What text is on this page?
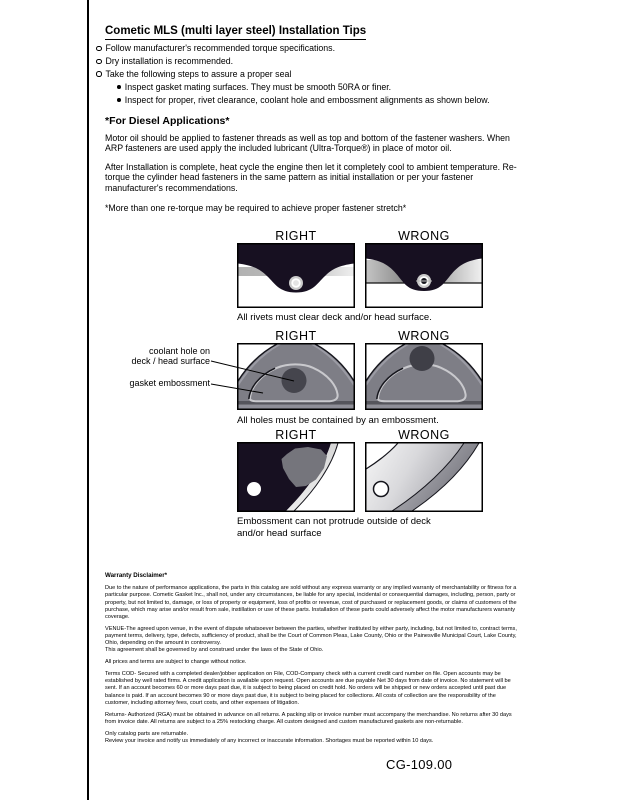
Cometic MLS (multi layer steel) Installation Tips
Follow manufacturer's recommended torque specifications.
Dry installation is recommended.
Take the following steps to assure a proper seal
Inspect gasket mating surfaces. They must be smooth 50RA or finer.
Inspect for proper, rivet clearance, coolant hole and embossment alignments as shown below.
*For Diesel Applications*

Motor oil should be applied to fastener threads as well as top and bottom of the fastener washers. When ARP fasteners are used apply the included lubricant (Ultra-Torque®) in place of motor oil.

After Installation is complete, heat cycle the engine then let it completely cool to ambient temperature. Re-torque the cylinder head fasteners in the same pattern as initial installation or per your fastener manufacturer's recommendations.

*More than one re-torque may be required to achieve proper fastener stretch*

RIGHT	WRONG
All rivets must clear deck and/or head surface.
RIGHT	WRONG
coolant hole on
deck / head surface
gasket embossment
All holes must be contained by an embossment.
RIGHT	WRONG
Embossment can not protrude outside of deck
and/or head surface

Warranty Disclaimer*

Due to the nature of performance applications, the parts in this catalog are sold without any express warranty or any implied warranty of merchantability or fitness for a particular purpose. Cometic Gasket Inc., shall not, under any circumstances, be liable for any special, incidental or consequential damages, including, person, party or property, but not limited to, damage, or loss of property or equipment, loss of profits or revenue, cost of purchased or replacement goods, or claims of customers of the purchase, which may arise and/or result from sale, instillation or use of these parts. Installation of these parts could adversely affect the motor manufacturers warranty coverage.

VENUE-The agreed upon venue, in the event of dispute whatsoever between the parties, whether instituted by either party, including, but not limited to, contract terms, payment terms, delivery, type, defects, sufficiency of product, shall be the Court of Common Pleas, Lake County, Ohio or the Painesville Municipal Court, Lake County, Ohio, depending on the amount in controversy.
This agreement shall be governed by and construed under the laws of the State of Ohio.

All prices and terms are subject to change without notice.

Terms COD- Secured with a completed dealer/jobber application on File, COD-Company check with a current credit card number on file. Open accounts may be established by well rated firms. A credit application is available upon request. Open accounts are due payable Net 30 days from date of invoice. No statement will be sent. If an account becomes 60 or more days past due, it is subject to being placed on credit hold. No orders will be shipped or new orders accepted until past due balance is paid. If an account becomes 90 or more days past due, it is subject to being placed for collections. All costs of collection are the responsibility of the customer, including attorney fees, court costs, and other expenses of litigation.

Returns- Authorized (RGA) must be obtained in advance on all returns. A packing slip or invoice number must accompany the merchandise. No returns after 30 days from invoice date. All returns are subject to a 25% restocking charge. All custom designed and custom manufactured gaskets are non-returnable.

Only catalog parts are returnable.
Review your invoice and notify us immediately of any incorrect or inaccurate information. Shortages must be reported within 10 days.

CG-109.00
